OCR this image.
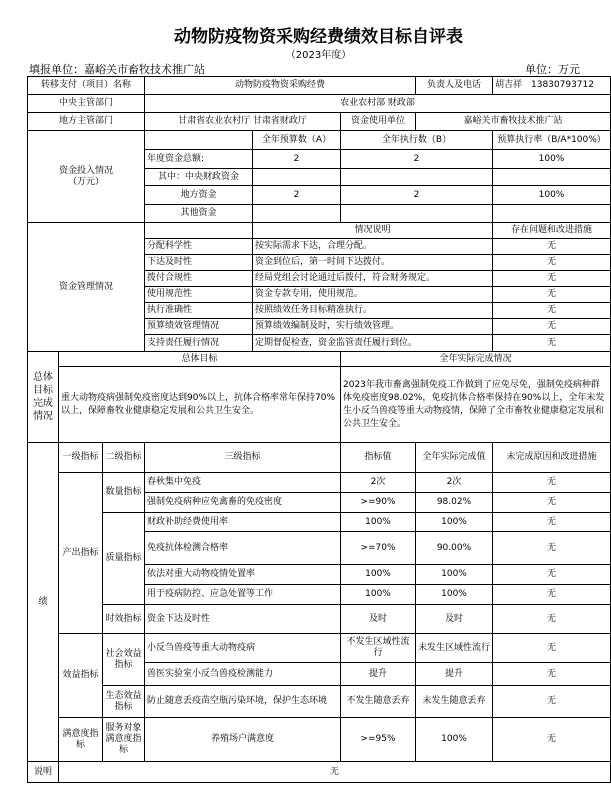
动物防疫物资采购经费绩效目标自评表
（2023年度）
填报单位：嘉峪关市畜牧技术推广站	单位：万元
转移支付（项目）名称			动物防疫物资采购经费			负责人及电话	胡吉祥　13830793712
中央主管部门			农业农村部 财政部				
地方主管部门			甘肃省农业农村厅 甘肃省财政厅		资金使用单位	嘉峪关市畜牧技术推广站	
资金投入情况（万元）				全年预算数（A）	全年执行数（B）		预算执行率（B/A*100%）
			年度资金总额:	2	2		100%
			其中：中央财政资金				
			地方资金	2	2		100%
			其他资金				
资金管理情况				情况说明			存在问题和改进措施
			分配科学性	按实际需求下达，合理分配。			无
			下达及时性	资金到位后，第一时间下达拨付。			无
			拨付合规性	经局党组会讨论通过后拨付，符合财务规定。			无
			使用规范性	资金专款专用，使用规范。			无
			执行准确性	按照绩效任务目标精准执行。			无
			预算绩效管理情况	预算绩效编制及时，实行绩效管理。			无
			支持责任履行情况	定期督促检查，资金监管责任履行到位。			无
总体目标完成情况	总体目标				全年实际完成情况		
	重大动物疫病强制免疫密度达到90%以上，抗体合格率常年保持70%以上，保障畜牧业健康稳定发展和公共卫生安全。				2023年我市畜禽强制免疫工作做到了应免尽免，强制免疫病种群体免疫密度98.02%，免疫抗体合格率保持在90%以上，全年未发生小反刍兽疫等重大动物疫情，保障了全市畜牧业健康稳定发展和公共卫生安全。		
绩	一级指标	二级指标	三级指标		指标值	全年实际完成值	未完成原因和改进措施
	产出指标	数量指标	春秋集中免疫		2次	2次	无
			强制免疫病种应免禽畜的免疫密度		>=90%	98.02%	无
		质量指标	财政补助经费使用率		100%	100%	无
			免疫抗体检测合格率		>=70%	90.00%	无
			依法对重大动物疫情处置率		100%	100%	无
			用于疫病防控、应急处置等工作		100%	100%	无
		时效指标	资金下达及时性		及时	及时	无
	效益指标	社会效益指标	小反刍兽疫等重大动物疫病		不发生区域性流行	未发生区域性流行	无
			兽医实验室小反刍兽疫检测能力		提升	提升	无
		生态效益指标	防止随意丢疫苗空瓶污染环境，保护生态环境		不发生随意丢弃	未发生随意丢弃	无
	满意度指标	服务对象满意度指标	养殖场户满意度		>=95%	100%	无
说明	无						
